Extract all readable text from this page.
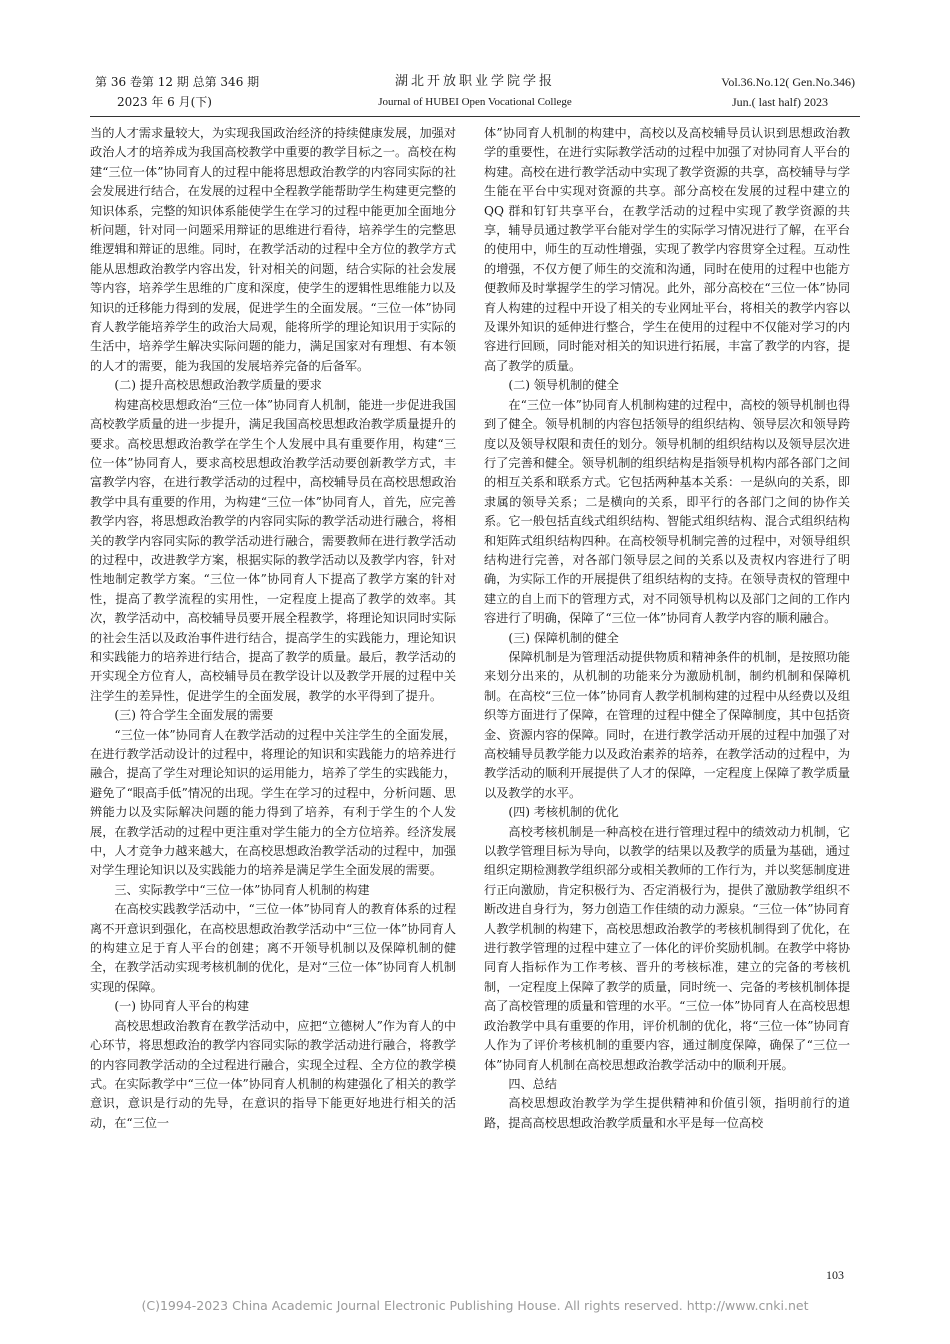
第 36 卷第 12 期 总第 346 期
2023 年 6 月(下)
湖北开放职业学院学报
Journal of HUBEI Open Vocational College
Vol.36.No.12( Gen.No.346)
Jun.( last half) 2023

当的人才需求量较大，为实现我国政治经济的持续健康发展，加强对政治人才的培养成为我国高校教学中重要的教学目标之一。高校在构建“三位一体”协同育人的过程中能将思想政治教学的内容同实际的社会发展进行结合，在发展的过程中全程教学能帮助学生构建更完整的知识体系，完整的知识体系能使学生在学习的过程中能更加全面地分析问题，针对同一问题采用辩证的思维进行看待，培养学生的完整思维逻辑和辩证的思维。同时，在教学活动的过程中全方位的教学方式能从思想政治教学内容出发，针对相关的问题，结合实际的社会发展等内容，培养学生思维的广度和深度，使学生的逻辑性思维能力以及知识的迁移能力得到的发展，促进学生的全面发展。“三位一体”协同育人教学能培养学生的政治大局观，能将所学的理论知识用于实际的生活中，培养学生解决实际问题的能力，满足国家对有理想、有本领的人才的需要，能为我国的发展培养完备的后备军。

(二) 提升高校思想政治教学质量的要求

构建高校思想政治“三位一体”协同育人机制，能进一步促进我国高校教学质量的进一步提升，满足我国高校思想政治教学质量提升的要求。高校思想政治教学在学生个人发展中具有重要作用，构建“三位一体”协同育人，要求高校思想政治教学活动要创新教学方式，丰富教学内容，在进行教学活动的过程中，高校辅导员在高校思想政治教学中具有重要的作用，为构建“三位一体”协同育人，首先，应完善教学内容，将思想政治教学的内容同实际的教学活动进行融合，将相关的教学内容同实际的教学活动进行融合，需要教师在进行教学活动的过程中，改进教学方案，根据实际的教学活动以及教学内容，针对性地制定教学方案。“三位一体”协同育人下提高了教学方案的针对性，提高了教学流程的实用性，一定程度上提高了教学的效率。其次，教学活动中，高校辅导员要开展全程教学，将理论知识同时实际的社会生活以及政治事件进行结合，提高学生的实践能力，理论知识和实践能力的培养进行结合，提高了教学的质量。最后，教学活动的开实现全方位育人，高校辅导员在教学设计以及教学开展的过程中关注学生的差异性，促进学生的全面发展，教学的水平得到了提升。

(三) 符合学生全面发展的需要

“三位一体”协同育人在教学活动的过程中关注学生的全面发展，在进行教学活动设计的过程中，将理论的知识和实践能力的培养进行融合，提高了学生对理论知识的运用能力，培养了学生的实践能力，避免了“眼高手低”情况的出现。学生在学习的过程中，分析问题、思辨能力以及实际解决问题的能力得到了培养，有利于学生的个人发展，在教学活动的过程中更注重对学生能力的全方位培养。经济发展中，人才竞争力越来越大，在高校思想政治教学活动的过程中，加强对学生理论知识以及实践能力的培养是满足学生全面发展的需要。

三、实际教学中“三位一体”协同育人机制的构建

在高校实践教学活动中，“三位一体”协同育人的教育体系的过程离不开意识到强化，在高校思想政治教学活动中“三位一体”协同育人的构建立足于育人平台的创建；离不开领导机制以及保障机制的健全，在教学活动实现考核机制的优化，是对“三位一体”协同育人机制实现的保障。

(一) 协同育人平台的构建

高校思想政治教育在教学活动中，应把“立德树人”作为育人的中心环节，将思想政治的教学内容同实际的教学活动进行融合，将教学的内容同教学活动的全过程进行融合，实现全过程、全方位的教学模式。在实际教学中“三位一体”协同育人机制的构建强化了相关的教学意识，意识是行动的先导，在意识的指导下能更好地进行相关的活动，在“三位一

体”协同育人机制的构建中，高校以及高校辅导员认识到思想政治教学的重要性，在进行实际教学活动的过程中加强了对协同育人平台的构建。高校在进行教学活动中实现了教学资源的共享，高校辅导与学生能在平台中实现对资源的共享。部分高校在发展的过程中建立的 QQ 群和钉钉共享平台，在教学活动的过程中实现了教学资源的共享，辅导员通过教学平台能对学生的实际学习情况进行了解，在平台的使用中，师生的互动性增强，实现了教学内容贯穿全过程。互动性的增强，不仅方便了师生的交流和沟通，同时在使用的过程中也能方便教师及时掌握学生的学习情况。此外，部分高校在“三位一体”协同育人构建的过程中开设了相关的专业网址平台，将相关的教学内容以及课外知识的延伸进行整合，学生在使用的过程中不仅能对学习的内容进行回顾，同时能对相关的知识进行拓展，丰富了教学的内容，提高了教学的质量。

(二) 领导机制的健全

在“三位一体”协同育人机制构建的过程中，高校的领导机制也得到了健全。领导机制的内容包括领导的组织结构、领导层次和领导跨度以及领导权限和责任的划分。领导机制的组织结构以及领导层次进行了完善和健全。领导机制的组织结构是指领导机构内部各部门之间的相互关系和联系方式。它包括两种基本关系：一是纵向的关系，即隶属的领导关系；二是横向的关系，即平行的各部门之间的协作关系。它一般包括直线式组织结构、智能式组织结构、混合式组织结构和矩阵式组织结构四种。在高校领导机制完善的过程中，对领导组织结构进行完善，对各部门领导层之间的关系以及责权内容进行了明确，为实际工作的开展提供了组织结构的支持。在领导责权的管理中建立的自上而下的管理方式，对不同领导机构以及部门之间的工作内容进行了明确，保障了“三位一体”协同育人教学内容的顺利融合。

(三) 保障机制的健全

保障机制是为管理活动提供物质和精神条件的机制，是按照功能来划分出来的，从机制的功能来分为激励机制，制约机制和保障机制。在高校“三位一体”协同育人教学机制构建的过程中从经费以及组织等方面进行了保障，在管理的过程中健全了保障制度，其中包括资金、资源内容的保障。同时，在进行教学活动开展的过程中加强了对高校辅导员教学能力以及政治素养的培养，在教学活动的过程中，为教学活动的顺利开展提供了人才的保障，一定程度上保障了教学质量以及教学的水平。

(四) 考核机制的优化

高校考核机制是一种高校在进行管理过程中的绩效动力机制，它以教学管理目标为导向，以教学的结果以及教学的质量为基础，通过组织定期检测教学组织部分或相关教师的工作行为，并以奖惩制度进行正向激励，肯定积极行为、否定消极行为，提供了激励教学组织不断改进自身行为，努力创造工作佳绩的动力源泉。“三位一体”协同育人教学机制的构建下，高校思想政治教学的考核机制得到了优化，在进行教学管理的过程中建立了一体化的评价奖励机制。在教学中将协同育人指标作为工作考核、晋升的考核标准，建立的完备的考核机制，一定程度上保障了教学的质量，同时统一、完备的考核机制体提高了高校管理的质量和管理的水平。“三位一体”协同育人在高校思想政治教学中具有重要的作用，评价机制的优化，将“三位一体”协同育人作为了评价考核机制的重要内容，通过制度保障，确保了“三位一体”协同育人机制在高校思想政治教学活动中的顺利开展。

四、总结

高校思想政治教学为学生提供精神和价值引领，指明前行的道路，提高高校思想政治教学质量和水平是每一位高校

103
(C)1994-2023 China Academic Journal Electronic Publishing House. All rights reserved. http://www.cnki.net
